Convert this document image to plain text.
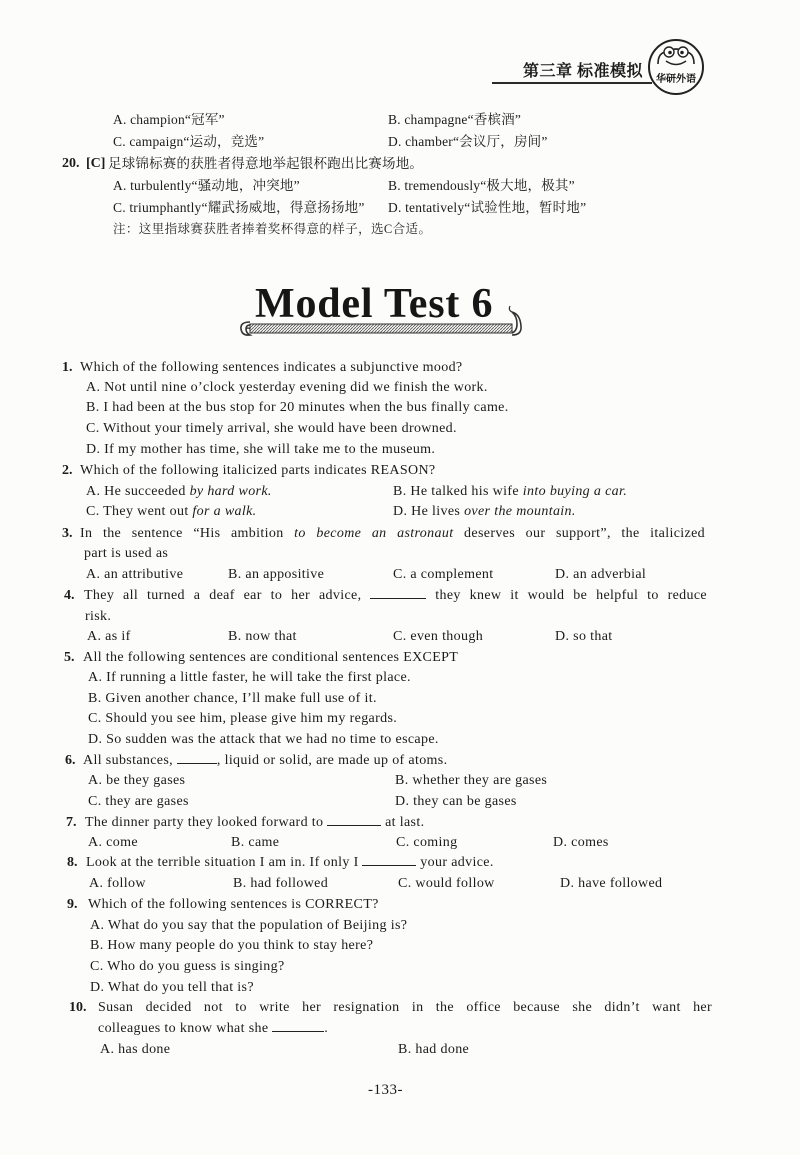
第三章 标准模拟 华研外语
A. champion“冠军”	B. champagne“香槟酒”
C. campaign“运动，竞选”	D. chamber“会议厅，房间”
20. [C] 足球锦标赛的获胜者得意地举起银杯跑出比赛场地。
A. turbulently“骚动地，冲突地”	B. tremendously“极大地，极其”
C. triumphantly“耀武扬威地，得意扬扬地” D. tentatively“试验性地，暂时地”
注：这里指球赛获胜者捧着奖杯得意的样子，选C合适。
Model Test 6
1. Which of the following sentences indicates a subjunctive mood?
A. Not until nine o’clock yesterday evening did we finish the work.
B. I had been at the bus stop for 20 minutes when the bus finally came.
C. Without your timely arrival, she would have been drowned.
D. If my mother has time, she will take me to the museum.
2. Which of the following italicized parts indicates REASON?
A. He succeeded by hard work.	B. He talked his wife into buying a car.
C. They went out for a walk.	D. He lives over the mountain.
3. In the sentence “His ambition to become an astronaut deserves our support”, the italicized
part is used as
A. an attributive	B. an appositive	C. a complement	D. an adverbial
4. They all turned a deaf ear to her advice,	they knew it would be helpful to reduce
risk.
A. as if	B. now that	C. even though	D. so that
5. All the following sentences are conditional sentences EXCEPT
A. If running a little faster, he will take the first place.
B. Given another chance, I’ll make full use of it.
C. Should you see him, please give him my regards.
D. So sudden was the attack that we had no time to escape.
6. All substances,	, liquid or solid, are made up of atoms.
A. be they gases	B. whether they are gases
C. they are gases	D. they can be gases
7. The dinner party they looked forward to	at last.
A. come	B. came	C. coming	D. comes
8. Look at the terrible situation I am in. If only I	your advice.
A. follow	B. had followed	C. would follow	D. have followed
9. Which of the following sentences is CORRECT?
A. What do you say that the population of Beijing is?
B. How many people do you think to stay here?
C. Who do you guess is singing?
D. What do you tell that is?
10. Susan decided not to write her resignation in the office because she didn’t want her
colleagues to know what she	.
A. has done	B. had done
-133-
